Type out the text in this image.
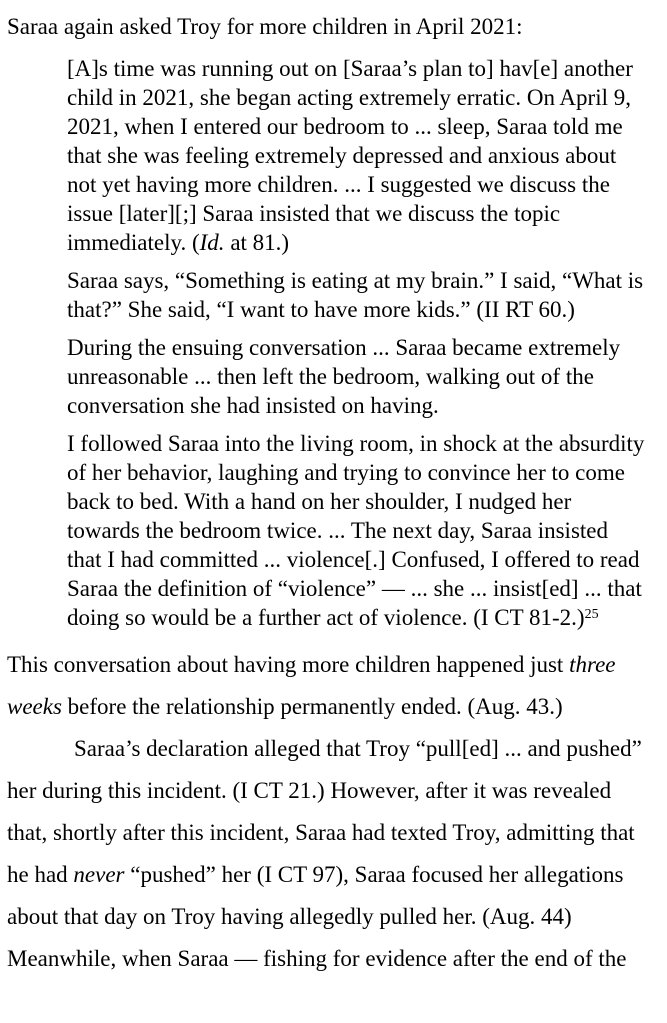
Saraa again asked Troy for more children in April 2021:

[A]s time was running out on [Saraa’s plan to] hav[e] another child in 2021, she began acting extremely erratic. On April 9, 2021, when I entered our bedroom to ... sleep, Saraa told me that she was feeling extremely depressed and anxious about not yet having more children. ... I suggested we discuss the issue [later][;] Saraa insisted that we discuss the topic immediately. (Id. at 81.)

Saraa says, “Something is eating at my brain.” I said, “What is that?” She said, “I want to have more kids.” (II RT 60.)

During the ensuing conversation ... Saraa became extremely unreasonable ... then left the bedroom, walking out of the conversation she had insisted on having.

I followed Saraa into the living room, in shock at the absurdity of her behavior, laughing and trying to convince her to come back to bed. With a hand on her shoulder, I nudged her towards the bedroom twice. ... The next day, Saraa insisted that I had committed ... violence[.] Confused, I offered to read Saraa the definition of “violence” — ... she ... insist[ed] ... that doing so would be a further act of violence. (I CT 81-2.)$^{25}$

This conversation about having more children happened just three weeks before the relationship permanently ended. (Aug. 43.)

Saraa’s declaration alleged that Troy “pull[ed] ... and pushed” her during this incident. (I CT 21.) However, after it was revealed that, shortly after this incident, Saraa had texted Troy, admitting that he had never “pushed” her (I CT 97), Saraa focused her allegations about that day on Troy having allegedly pulled her. (Aug. 44) Meanwhile, when Saraa — fishing for evidence after the end of the
